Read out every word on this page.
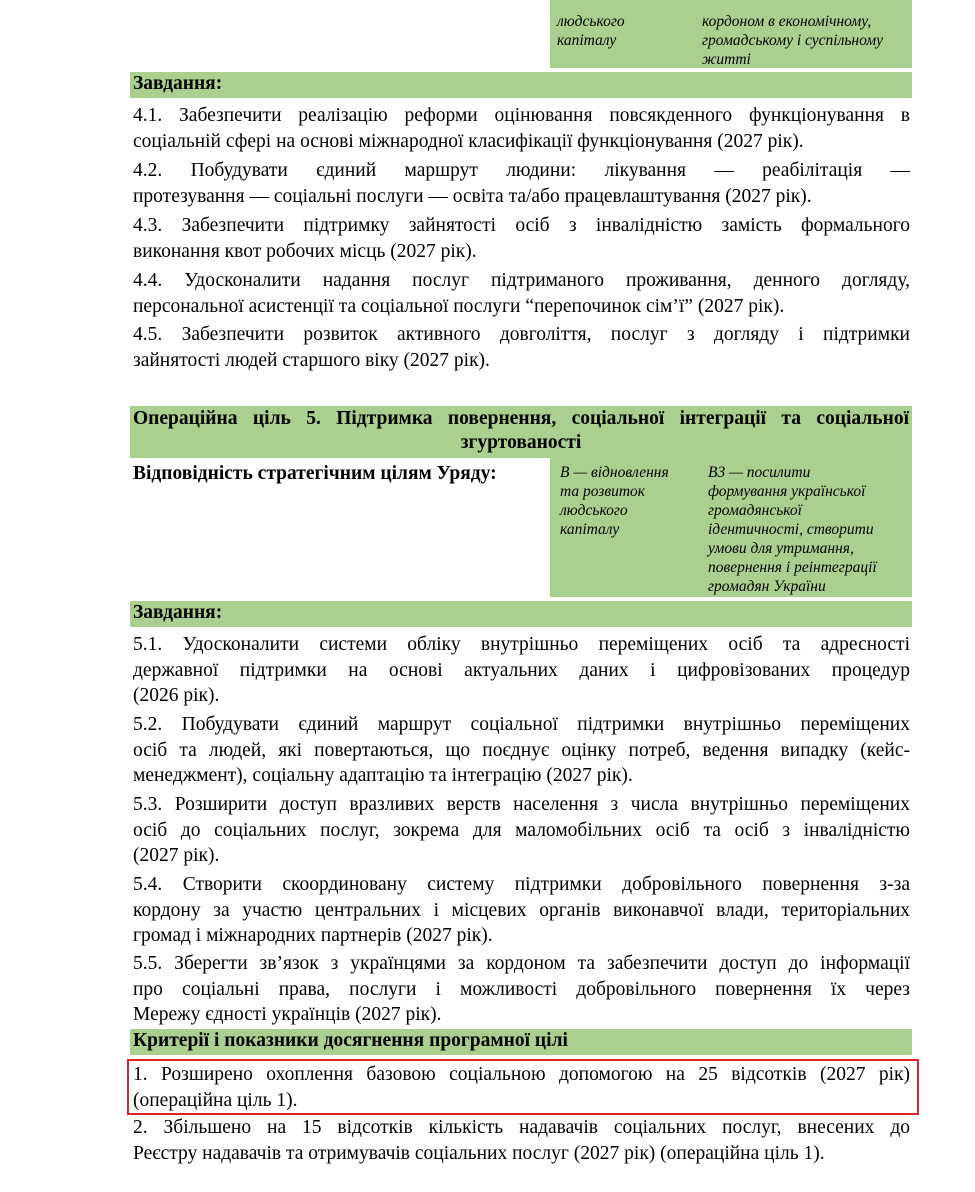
людського
капіталу
кордоном в економічному,
громадському і суспільному
житті
Завдання:
4.1. Забезпечити реалізацію реформи оцінювання повсякденного функціонування в
соціальній сфері на основі міжнародної класифікації функціонування (2027 рік).
4.2. Побудувати єдиний маршрут людини: лікування — реабілітація —
протезування — соціальні послуги — освіта та/або працевлаштування (2027 рік).
4.3. Забезпечити підтримку зайнятості осіб з інвалідністю замість формального
виконання квот робочих місць (2027 рік).
4.4. Удосконалити надання послуг підтриманого проживання, денного догляду,
персональної асистенції та соціальної послуги “перепочинок сім’ї” (2027 рік).
4.5. Забезпечити розвиток активного довголіття, послуг з догляду і підтримки
зайнятості людей старшого віку (2027 рік).
Операційна ціль 5. Підтримка повернення, соціальної інтеграції та соціальної
згуртованості
Відповідність стратегічним цілям Уряду:	В — відновлення
та розвиток
людського
капіталу
В3 — посилити
формування української
громадянської
ідентичності, створити
умови для утримання,
повернення і реінтеграції
громадян України
Завдання:
5.1. Удосконалити системи обліку внутрішньо переміщених осіб та адресності
державної підтримки на основі актуальних даних і цифровізованих процедур
(2026 рік).
5.2. Побудувати єдиний маршрут соціальної підтримки внутрішньо переміщених
осіб та людей, які повертаються, що поєднує оцінку потреб, ведення випадку (кейс-
менеджмент), соціальну адаптацію та інтеграцію (2027 рік).
5.3. Розширити доступ вразливих верств населення з числа внутрішньо переміщених
осіб до соціальних послуг, зокрема для маломобільних осіб та осіб з інвалідністю
(2027 рік).
5.4. Створити скоординовану систему підтримки добровільного повернення з-за
кордону за участю центральних і місцевих органів виконавчої влади, територіальних
громад і міжнародних партнерів (2027 рік).
5.5. Зберегти зв’язок з українцями за кордоном та забезпечити доступ до інформації
про соціальні права, послуги і можливості добровільного повернення їх через
Мережу єдності українців (2027 рік).
Критерії і показники досягнення програмної цілі
1. Розширено охоплення базовою соціальною допомогою на 25 відсотків (2027 рік)
(операційна ціль 1).
2. Збільшено на 15 відсотків кількість надавачів соціальних послуг, внесених до
Реєстру надавачів та отримувачів соціальних послуг (2027 рік) (операційна ціль 1).
